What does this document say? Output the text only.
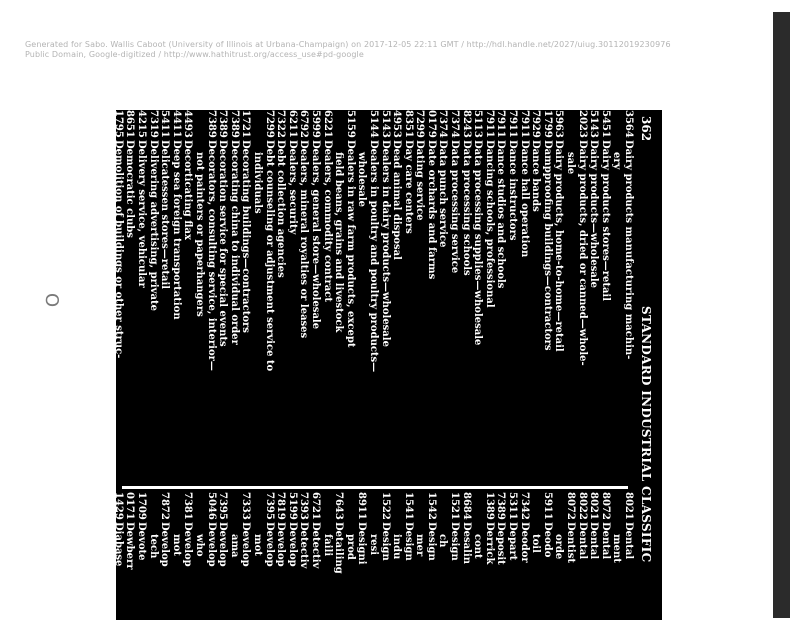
Generated for Sabo. Wallis Caboot (University of Illinois at Urbana-Champaign) on 2017-12-05 22:11 GMT / http://hdl.handle.net/2027/uiug.30112019230976
Public Domain, Google-digitized / http://www.hathitrust.org/access_use#pd-google
O
362
STANDARD INDUSTRIAL CLASSIFIC
3564Dairy products manufacturing machin-
ery
5451Dairy products stores—retail
5143Dairy products—wholesale
2023Dairy products, dried or canned—whole-
sale
5963Dairy products, home-to-home—retail
1799Dampproofing buildings—contractors
7929Dance bands
7911Dance hall operation
7911Dance instructors
7911Dance studios and schools
7911Dancing schools, professional
5113Data processing supplies—wholesale
8243Data processing schools
7374Data processing service
7374Data punch service
0179Date orchards and farms
7299Dating service
8351Day care centers
4953Dead animal disposal
5143Dealers in dairy products—wholesale
5144Dealers in poultry and poultry products—
wholesale
5159Dealers in raw farm products, except
field beans, grains and livestock
6221Dealers, commodity contract
5999Dealers, general store—wholesale
6792Dealers, mineral royalties or leases
6211Dealers, security
7322Debt collection agencies
7299Debt counseling or adjustment service to
individuals
1721Decorating buildings—contractors
7389Decorating china to individual order
7389Decoration service for special events
7389Decorators, consulting service, interior—
not painters or paperhangers
4493Decorticating flax
4411Deep sea foreign transportation
5411Delicatessen stores—retail
7319Delivering advertising, private
4215Delivery service, vehicular
8651Democratic clubs
1795Demolition of buildings or other struc-
tures (except marine)—contractors
7389Demonstration service, separate from sale
8621Dental associations
5086Dental equipment and supplies—whole-
sale
7699Dental instrument repair
6324Dental insurance (providing services by
contracts with health facilities)
8021Dental
ment
8072Dental
8021Dental
8022Dental
8072Dentist
orde
5911Deodo
toil
7342Deodor
5311Depart
7389Deposit
1389Derrick
cont
8684Desalin
1521Design
ch
1542Design
mer
1541Design
indu
1522Design
resi
8911Designi
prod
7643Detailing
faili
6721Detectiv
7393Detectiv
5199Develop
7819Develop
7395Develop
mot
7333Develop
ama
7395Develop
5046Develop
who
7381Develop
mot
7872Develop
tech
1709Devote
0171Dewberr
1429Diabase
7349Diamon
1411Diamon
1799Diamon
tract
1499Diamon
5094Diamon
5085Diamon
who
